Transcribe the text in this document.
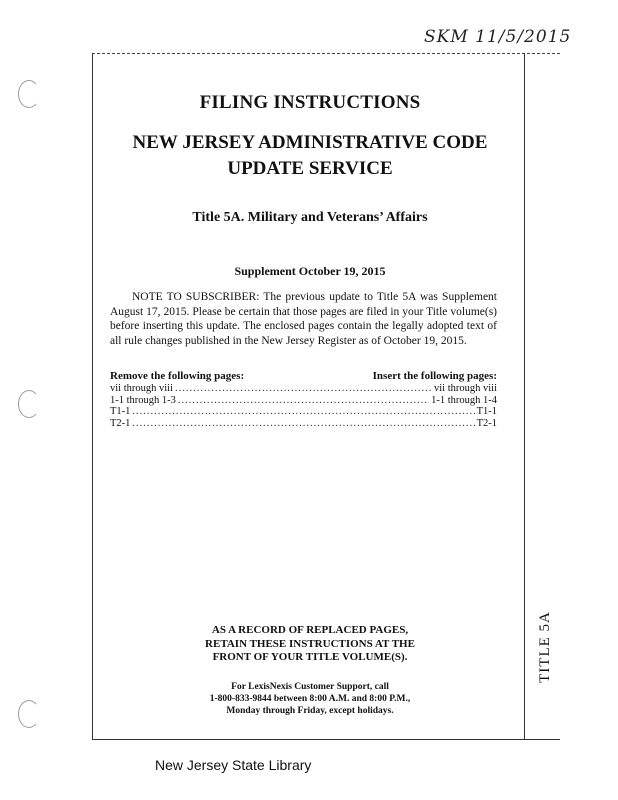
SKM 11/5/2015
FILING INSTRUCTIONS
NEW JERSEY ADMINISTRATIVE CODE
UPDATE SERVICE
Title 5A. Military and Veterans’ Affairs
Supplement October 19, 2015
NOTE TO SUBSCRIBER: The previous update to Title 5A was Supplement August 17, 2015. Please be certain that those pages are filed in your Title volume(s) before inserting this update. The enclosed pages contain the legally adopted text of all rule changes published in the New Jersey Register as of October 19, 2015.
Remove the following pages:	Insert the following pages:
vii through viii .....	vii through viii
1-1 through 1-3 .....	1-1 through 1-4
T1-1 .....	T1-1
T2-1 .....	T2-1
AS A RECORD OF REPLACED PAGES,
RETAIN THESE INSTRUCTIONS AT THE
FRONT OF YOUR TITLE VOLUME(S).
For LexisNexis Customer Support, call
1-800-833-9844 between 8:00 A.M. and 8:00 P.M.,
Monday through Friday, except holidays.
TITLE 5A
New Jersey State Library
